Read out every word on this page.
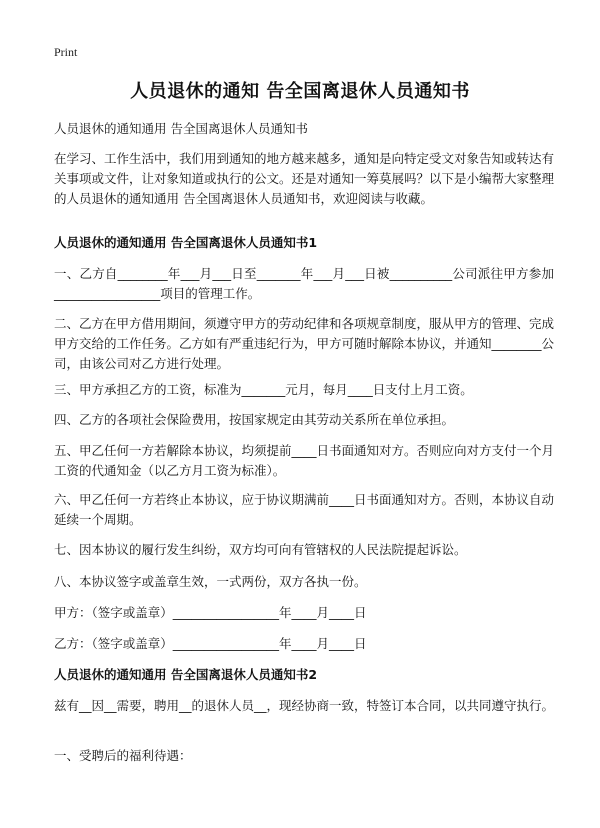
Print
人员退休的通知 告全国离退休人员通知书

人员退休的通知通用 告全国离退休人员通知书

在学习、工作生活中，我们用到通知的地方越来越多，通知是向特定受文对象告知或转达有关事项或文件，让对象知道或执行的公文。还是对通知一筹莫展吗？以下是小编帮大家整理的人员退休的通知通用 告全国离退休人员通知书，欢迎阅读与收藏。

人员退休的通知通用 告全国离退休人员通知书1

一、乙方自________年___月___日至_______年___月___日被__________公司派往甲方参加_________________项目的管理工作。

二、乙方在甲方借用期间，须遵守甲方的劳动纪律和各项规章制度，服从甲方的管理、完成甲方交给的工作任务。乙方如有严重违纪行为，甲方可随时解除本协议，并通知________公司，由该公司对乙方进行处理。

三、甲方承担乙方的工资，标准为_______元月，每月____日支付上月工资。

四、乙方的各项社会保险费用，按国家规定由其劳动关系所在单位承担。

五、甲乙任何一方若解除本协议，均须提前____日书面通知对方。否则应向对方支付一个月工资的代通知金（以乙方月工资为标准）。

六、甲乙任何一方若终止本协议，应于协议期满前____日书面通知对方。否则，本协议自动延续一个周期。

七、因本协议的履行发生纠纷，双方均可向有管辖权的人民法院提起诉讼。

八、本协议签字或盖章生效，一式两份，双方各执一份。

甲方：（签字或盖章）_________________年____月____日

乙方：（签字或盖章）_________________年____月____日

人员退休的通知通用 告全国离退休人员通知书2

兹有__因__需要，聘用__的退休人员__，现经协商一致，特签订本合同，以共同遵守执行。

一、受聘后的福利待遇：
